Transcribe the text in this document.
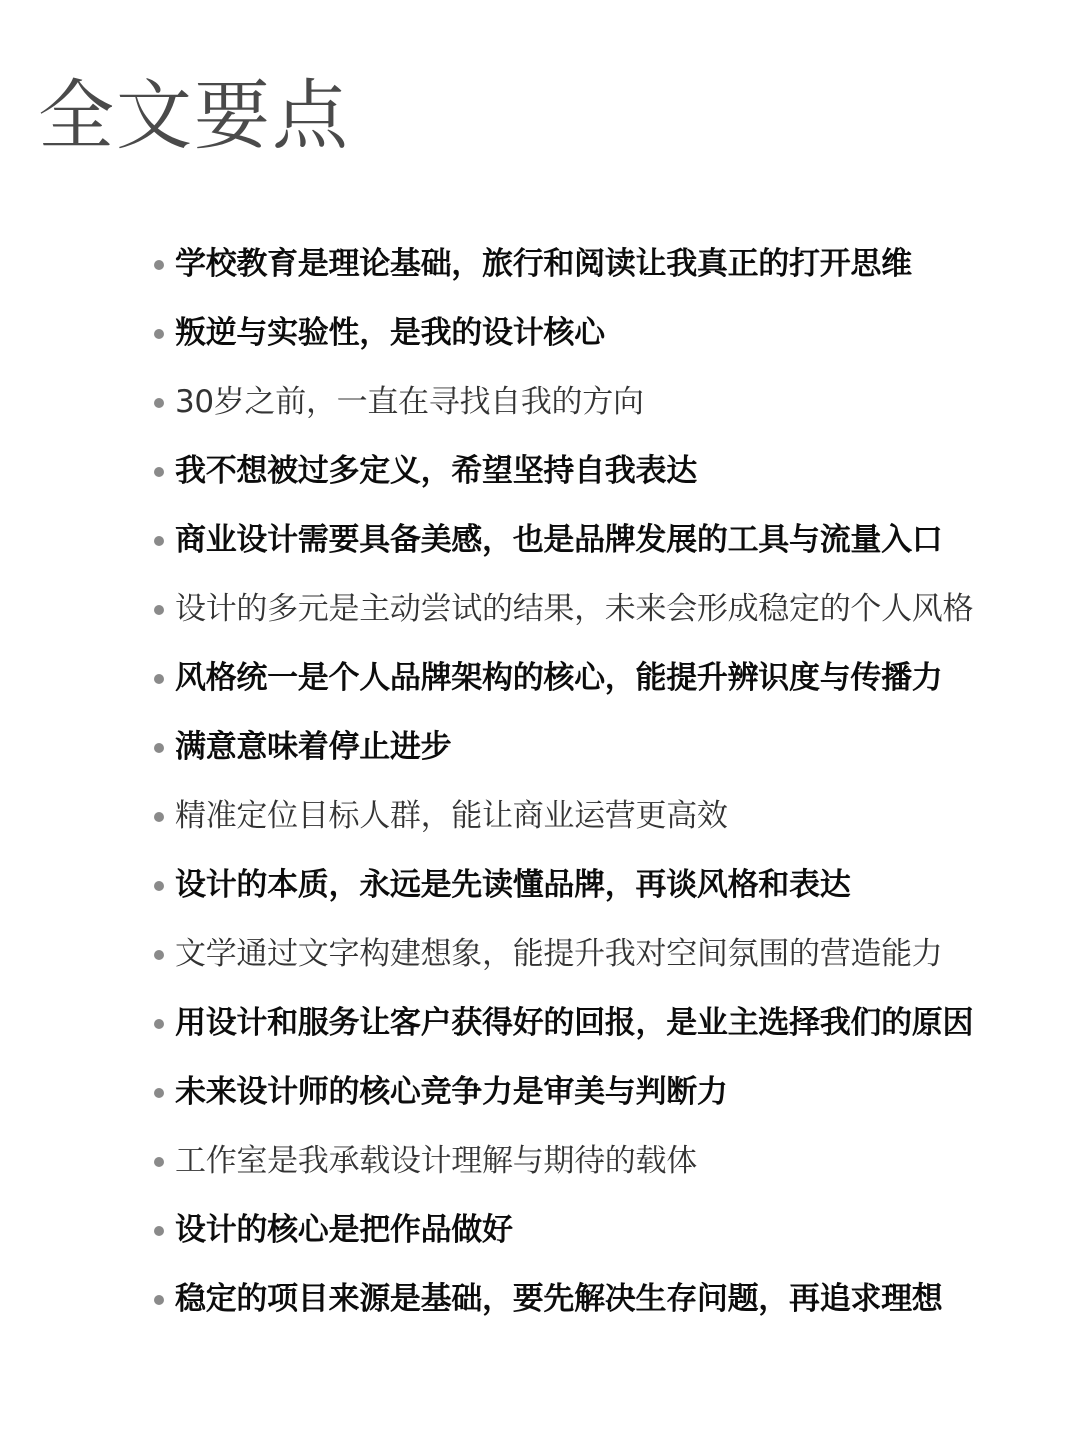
全文要点
学校教育是理论基础，旅行和阅读让我真正的打开思维
叛逆与实验性，是我的设计核心
30岁之前，一直在寻找自我的方向
我不想被过多定义，希望坚持自我表达
商业设计需要具备美感，也是品牌发展的工具与流量入口
设计的多元是主动尝试的结果，未来会形成稳定的个人风格
风格统一是个人品牌架构的核心，能提升辨识度与传播力
满意意味着停止进步
精准定位目标人群，能让商业运营更高效
设计的本质，永远是先读懂品牌，再谈风格和表达
文学通过文字构建想象，能提升我对空间氛围的营造能力
用设计和服务让客户获得好的回报，是业主选择我们的原因
未来设计师的核心竞争力是审美与判断力
工作室是我承载设计理解与期待的载体
设计的核心是把作品做好
稳定的项目来源是基础，要先解决生存问题，再追求理想
